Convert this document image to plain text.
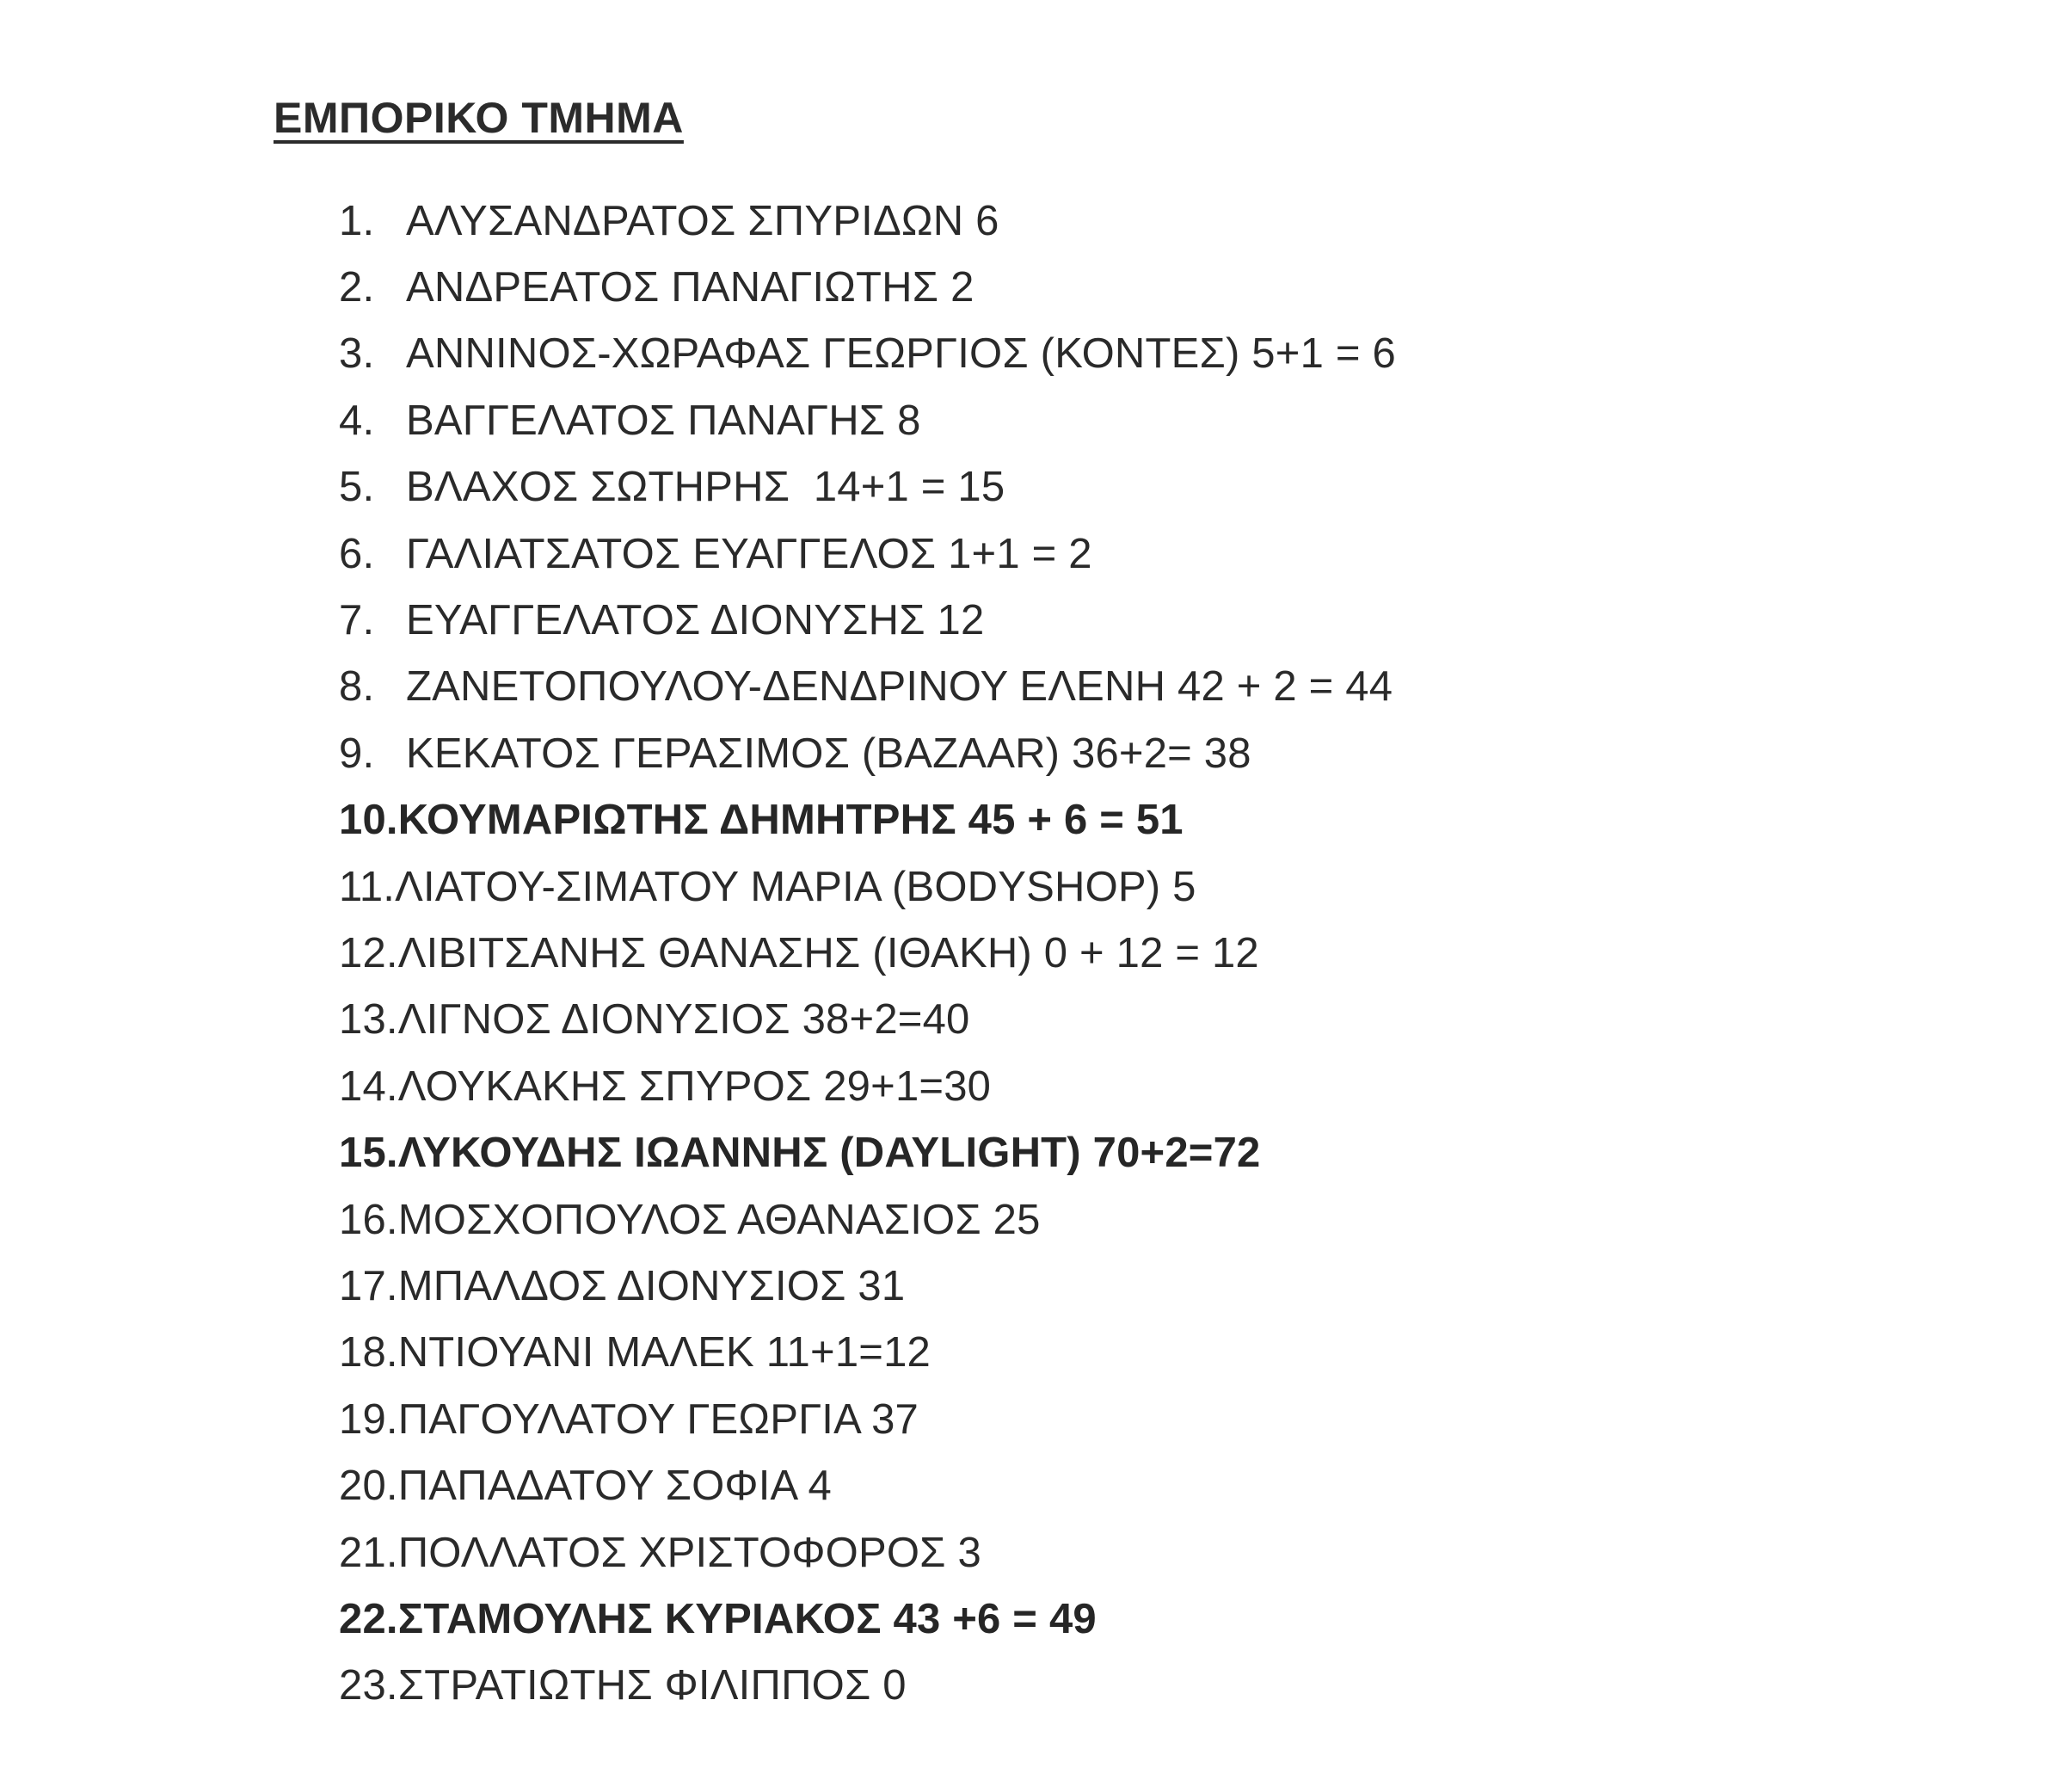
ΕΜΠΟΡΙΚΟ ΤΜΗΜΑ
1. ΑΛΥΣΑΝΔΡΑΤΟΣ ΣΠΥΡΙΔΩΝ 6
2. ΑΝΔΡΕΑΤΟΣ ΠΑΝΑΓΙΩΤΗΣ 2
3. ΑΝΝΙΝΟΣ-ΧΩΡΑΦΑΣ ΓΕΩΡΓΙΟΣ (ΚΟΝΤΕΣ) 5+1 = 6
4. ΒΑΓΓΕΛΑΤΟΣ ΠΑΝΑΓΗΣ 8
5. ΒΛΑΧΟΣ ΣΩΤΗΡΗΣ  14+1 = 15
6. ΓΑΛΙΑΤΣΑΤΟΣ ΕΥΑΓΓΕΛΟΣ 1+1 = 2
7. ΕΥΑΓΓΕΛΑΤΟΣ ΔΙΟΝΥΣΗΣ 12
8. ΖΑΝΕΤΟΠΟΥΛΟΥ-ΔΕΝΔΡΙΝΟΥ ΕΛΕΝΗ 42 + 2 = 44
9. ΚΕΚΑΤΟΣ ΓΕΡΑΣΙΜΟΣ (BAZAAR) 36+2= 38
10. ΚΟΥΜΑΡΙΩΤΗΣ ΔΗΜΗΤΡΗΣ 45 + 6 = 51
11. ΛΙΑΤΟΥ-ΣΙΜΑΤΟΥ ΜΑΡΙΑ (BODYSHOP) 5
12. ΛΙΒΙΤΣΑΝΗΣ ΘΑΝΑΣΗΣ (ΙΘΑΚΗ) 0 + 12 = 12
13. ΛΙΓΝΟΣ ΔΙΟΝΥΣΙΟΣ 38+2=40
14. ΛΟΥΚΑΚΗΣ ΣΠΥΡΟΣ 29+1=30
15. ΛΥΚΟΥΔΗΣ ΙΩΑΝΝΗΣ (DAYLIGHT) 70+2=72
16. ΜΟΣΧΟΠΟΥΛΟΣ ΑΘΑΝΑΣΙΟΣ 25
17. ΜΠΑΛΔΟΣ ΔΙΟΝΥΣΙΟΣ 31
18. ΝΤΙΟΥΑΝΙ ΜΑΛΕΚ 11+1=12
19. ΠΑΓΟΥΛΑΤΟΥ ΓΕΩΡΓΙΑ 37
20. ΠΑΠΑΔΑΤΟΥ ΣΟΦΙΑ 4
21. ΠΟΛΛΑΤΟΣ ΧΡΙΣΤΟΦΟΡΟΣ 3
22. ΣΤΑΜΟΥΛΗΣ ΚΥΡΙΑΚΟΣ 43 +6 = 49
23. ΣΤΡΑΤΙΩΤΗΣ ΦΙΛΙΠΠΟΣ 0
